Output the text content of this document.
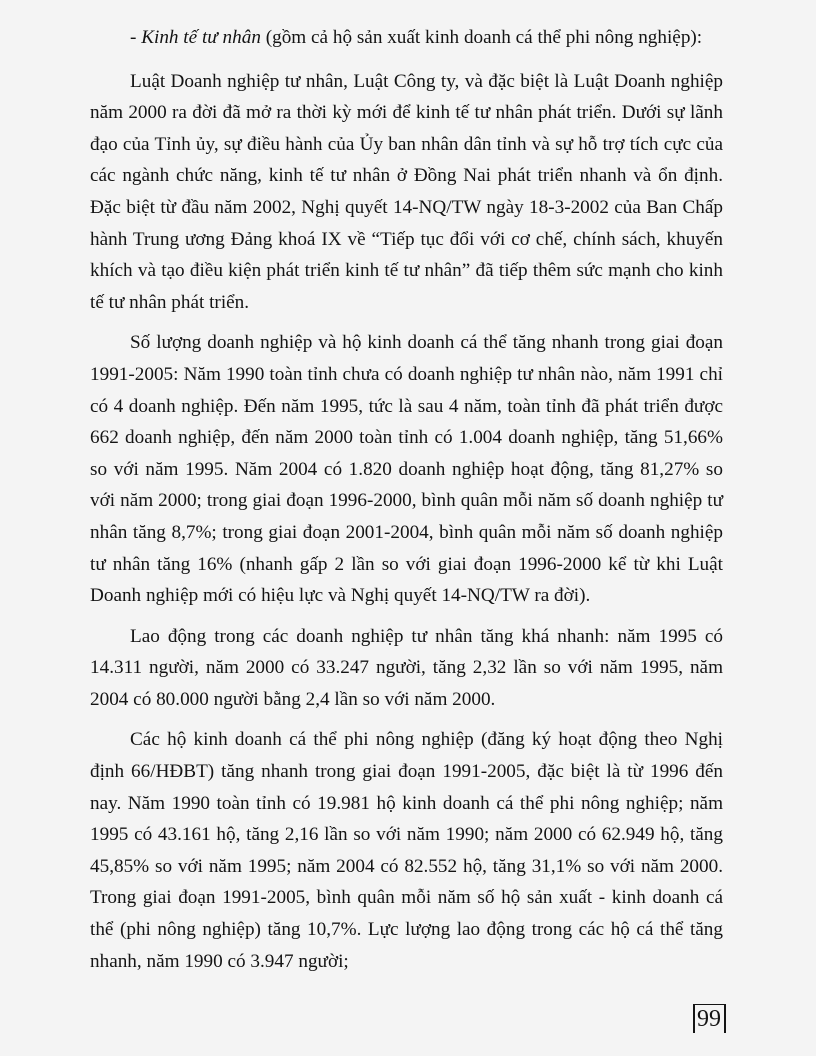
- Kinh tế tư nhân (gồm cả hộ sản xuất kinh doanh cá thể phi nông nghiệp):

Luật Doanh nghiệp tư nhân, Luật Công ty, và đặc biệt là Luật Doanh nghiệp năm 2000 ra đời đã mở ra thời kỳ mới để kinh tế tư nhân phát triển. Dưới sự lãnh đạo của Tỉnh ủy, sự điều hành của Ủy ban nhân dân tỉnh và sự hỗ trợ tích cực của các ngành chức năng, kinh tế tư nhân ở Đồng Nai phát triển nhanh và ổn định. Đặc biệt từ đầu năm 2002, Nghị quyết 14-NQ/TW ngày 18-3-2002 của Ban Chấp hành Trung ương Đảng khoá IX về “Tiếp tục đổi với cơ chế, chính sách, khuyến khích và tạo điều kiện phát triển kinh tế tư nhân” đã tiếp thêm sức mạnh cho kinh tế tư nhân phát triển.

Số lượng doanh nghiệp và hộ kinh doanh cá thể tăng nhanh trong giai đoạn 1991-2005: Năm 1990 toàn tỉnh chưa có doanh nghiệp tư nhân nào, năm 1991 chỉ có 4 doanh nghiệp. Đến năm 1995, tức là sau 4 năm, toàn tỉnh đã phát triển được 662 doanh nghiệp, đến năm 2000 toàn tỉnh có 1.004 doanh nghiệp, tăng 51,66% so với năm 1995. Năm 2004 có 1.820 doanh nghiệp hoạt động, tăng 81,27% so với năm 2000; trong giai đoạn 1996-2000, bình quân mỗi năm số doanh nghiệp tư nhân tăng 8,7%; trong giai đoạn 2001-2004, bình quân mỗi năm số doanh nghiệp tư nhân tăng 16% (nhanh gấp 2 lần so với giai đoạn 1996-2000 kể từ khi Luật Doanh nghiệp mới có hiệu lực và Nghị quyết 14-NQ/TW ra đời).

Lao động trong các doanh nghiệp tư nhân tăng khá nhanh: năm 1995 có 14.311 người, năm 2000 có 33.247 người, tăng 2,32 lần so với năm 1995, năm 2004 có 80.000 người bằng 2,4 lần so với năm 2000.

Các hộ kinh doanh cá thể phi nông nghiệp (đăng ký hoạt động theo Nghị định 66/HĐBT) tăng nhanh trong giai đoạn 1991-2005, đặc biệt là từ 1996 đến nay. Năm 1990 toàn tỉnh có 19.981 hộ kinh doanh cá thể phi nông nghiệp; năm 1995 có 43.161 hộ, tăng 2,16 lần so với năm 1990; năm 2000 có 62.949 hộ, tăng 45,85% so với năm 1995; năm 2004 có 82.552 hộ, tăng 31,1% so với năm 2000. Trong giai đoạn 1991-2005, bình quân mỗi năm số hộ sản xuất - kinh doanh cá thể (phi nông nghiệp) tăng 10,7%. Lực lượng lao động trong các hộ cá thể tăng nhanh, năm 1990 có 3.947 người;

99
